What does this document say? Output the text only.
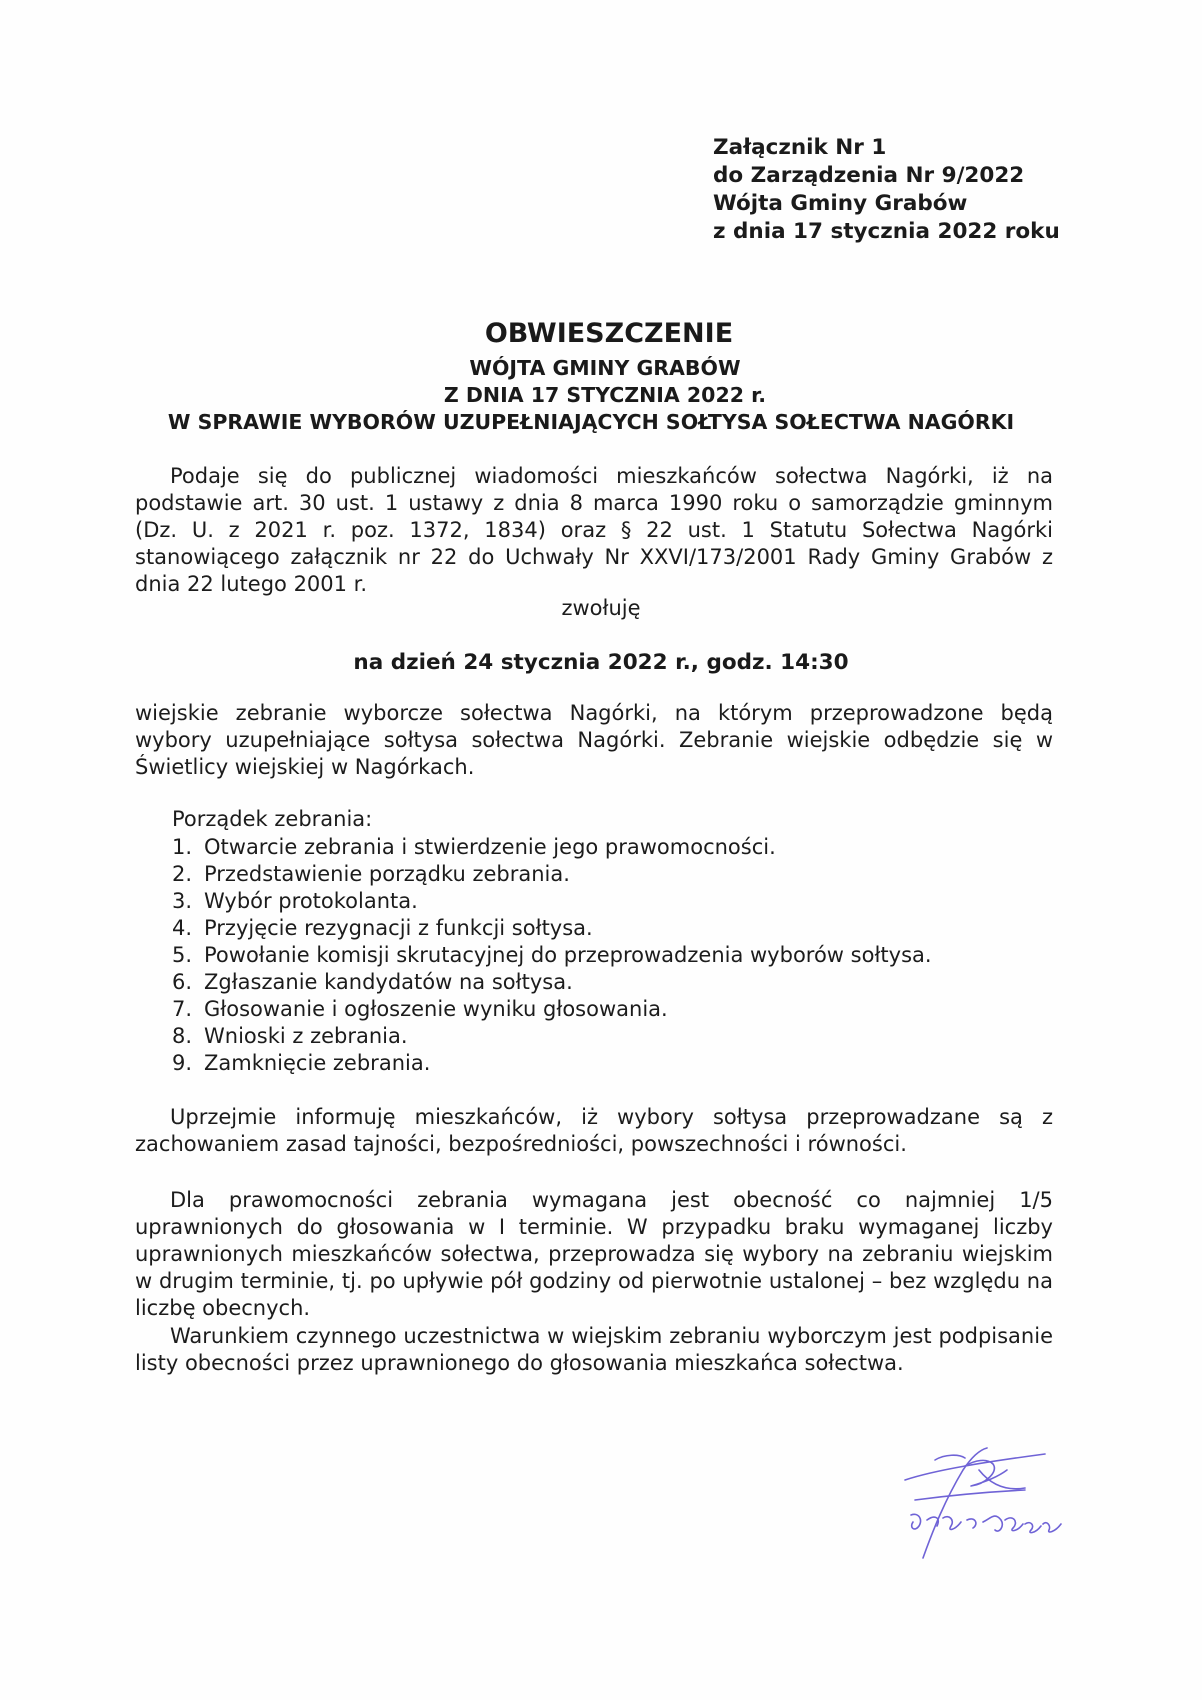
Załącznik Nr 1
do Zarządzenia Nr 9/2022
Wójta Gminy Grabów
z dnia 17 stycznia 2022 roku
OBWIESZCZENIE
WÓJTA GMINY GRABÓW
Z DNIA 17 STYCZNIA 2022 r.
W SPRAWIE WYBORÓW UZUPEŁNIAJĄCYCH SOŁTYSA SOŁECTWA NAGÓRKI
Podaje się do publicznej wiadomości mieszkańców sołectwa Nagórki, iż na podstawie art. 30 ust. 1 ustawy z dnia 8 marca 1990 roku o samorządzie gminnym (Dz. U. z 2021 r. poz. 1372, 1834) oraz § 22 ust. 1 Statutu Sołectwa Nagórki stanowiącego załącznik nr 22 do Uchwały Nr XXVI/173/2001 Rady Gminy Grabów z dnia 22 lutego 2001 r.
zwołuję
na dzień 24 stycznia 2022 r., godz. 14:30
wiejskie zebranie wyborcze sołectwa Nagórki, na którym przeprowadzone będą wybory uzupełniające sołtysa sołectwa Nagórki. Zebranie wiejskie odbędzie się w Świetlicy wiejskiej w Nagórkach.
Porządek zebrania:
1. Otwarcie zebrania i stwierdzenie jego prawomocności.
2. Przedstawienie porządku zebrania.
3. Wybór protokolanta.
4. Przyjęcie rezygnacji z funkcji sołtysa.
5. Powołanie komisji skrutacyjnej do przeprowadzenia wyborów sołtysa.
6. Zgłaszanie kandydatów na sołtysa.
7. Głosowanie i ogłoszenie wyniku głosowania.
8. Wnioski z zebrania.
9. Zamknięcie zebrania.
Uprzejmie informuję mieszkańców, iż wybory sołtysa przeprowadzane są z zachowaniem zasad tajności, bezpośredniości, powszechności i równości.
Dla prawomocności zebrania wymagana jest obecność co najmniej 1/5 uprawnionych do głosowania w I terminie. W przypadku braku wymaganej liczby uprawnionych mieszkańców sołectwa, przeprowadza się wybory na zebraniu wiejskim w drugim terminie, tj. po upływie pół godziny od pierwotnie ustalonej – bez względu na liczbę obecnych.
Warunkiem czynnego uczestnictwa w wiejskim zebraniu wyborczym jest podpisanie listy obecności przez uprawnionego do głosowania mieszkańca sołectwa.
